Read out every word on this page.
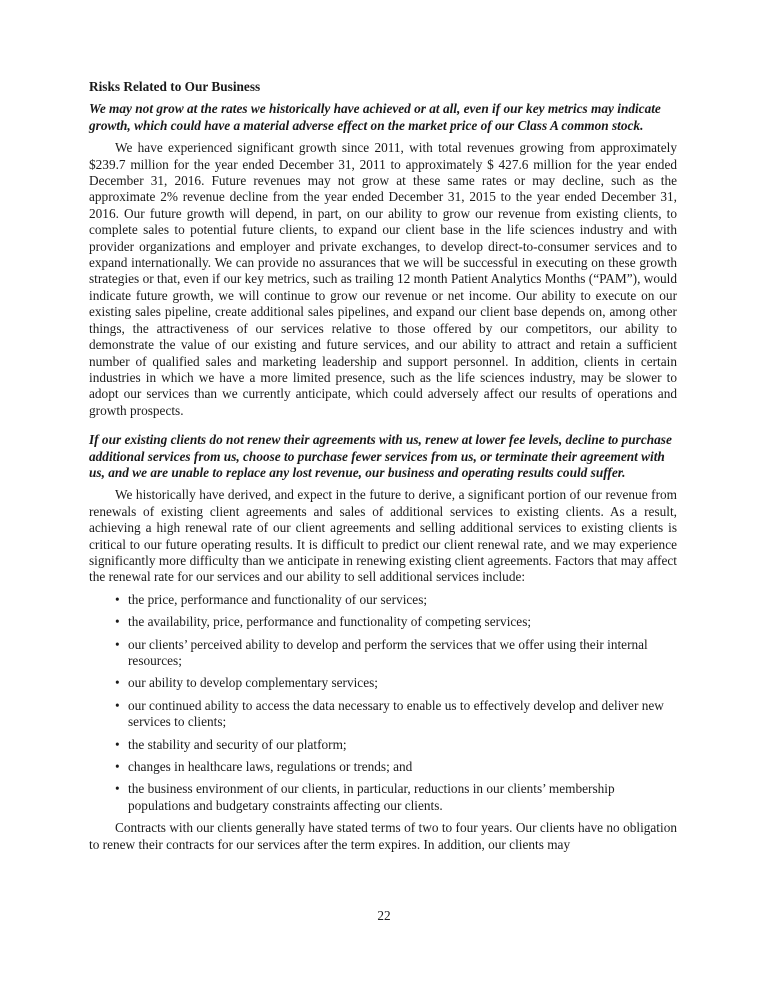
Risks Related to Our Business
We may not grow at the rates we historically have achieved or at all, even if our key metrics may indicate growth, which could have a material adverse effect on the market price of our Class A common stock.

We have experienced significant growth since 2011, with total revenues growing from approximately $239.7 million for the year ended December 31, 2011 to approximately $ 427.6 million for the year ended December 31, 2016. Future revenues may not grow at these same rates or may decline, such as the approximate 2% revenue decline from the year ended December 31, 2015 to the year ended December 31, 2016. Our future growth will depend, in part, on our ability to grow our revenue from existing clients, to complete sales to potential future clients, to expand our client base in the life sciences industry and with provider organizations and employer and private exchanges, to develop direct-to-consumer services and to expand internationally. We can provide no assurances that we will be successful in executing on these growth strategies or that, even if our key metrics, such as trailing 12 month Patient Analytics Months (“PAM”), would indicate future growth, we will continue to grow our revenue or net income. Our ability to execute on our existing sales pipeline, create additional sales pipelines, and expand our client base depends on, among other things, the attractiveness of our services relative to those offered by our competitors, our ability to demonstrate the value of our existing and future services, and our ability to attract and retain a sufficient number of qualified sales and marketing leadership and support personnel. In addition, clients in certain industries in which we have a more limited presence, such as the life sciences industry, may be slower to adopt our services than we currently anticipate, which could adversely affect our results of operations and growth prospects.

If our existing clients do not renew their agreements with us, renew at lower fee levels, decline to purchase additional services from us, choose to purchase fewer services from us, or terminate their agreement with us, and we are unable to replace any lost revenue, our business and operating results could suffer.

We historically have derived, and expect in the future to derive, a significant portion of our revenue from renewals of existing client agreements and sales of additional services to existing clients. As a result, achieving a high renewal rate of our client agreements and selling additional services to existing clients is critical to our future operating results. It is difficult to predict our client renewal rate, and we may experience significantly more difficulty than we anticipate in renewing existing client agreements. Factors that may affect the renewal rate for our services and our ability to sell additional services include:

• the price, performance and functionality of our services;
• the availability, price, performance and functionality of competing services;
• our clients’ perceived ability to develop and perform the services that we offer using their internal resources;
• our ability to develop complementary services;
• our continued ability to access the data necessary to enable us to effectively develop and deliver new services to clients;
• the stability and security of our platform;
• changes in healthcare laws, regulations or trends; and
• the business environment of our clients, in particular, reductions in our clients’ membership populations and budgetary constraints affecting our clients.

Contracts with our clients generally have stated terms of two to four years. Our clients have no obligation to renew their contracts for our services after the term expires. In addition, our clients may

22
